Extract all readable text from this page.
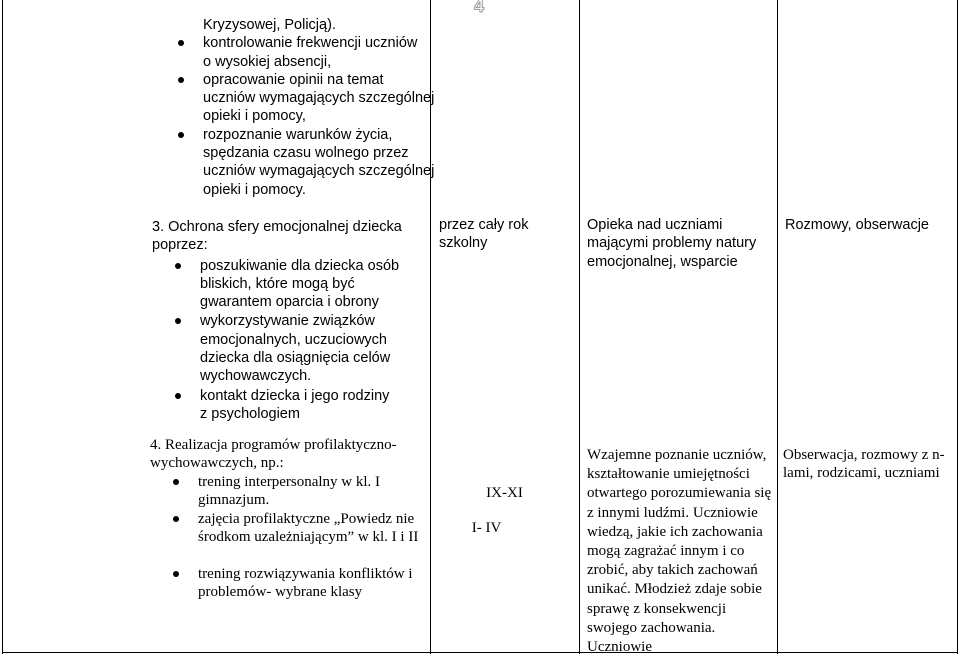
4
Kryzysowej, Policją).
kontrolowanie frekwencji uczniów o wysokiej absencji,
opracowanie opinii na temat uczniów wymagających szczególnej opieki i pomocy,
rozpoznanie warunków życia, spędzania czasu wolnego przez uczniów wymagających szczególnej opieki i pomocy.
3. Ochrona sfery emocjonalnej dziecka poprzez:
poszukiwanie dla dziecka osób bliskich, które mogą być gwarantem oparcia i obrony
wykorzystywanie związków emocjonalnych, uczuciowych dziecka dla osiągnięcia celów wychowawczych.
kontakt dziecka i jego rodziny z psychologiem
przez cały rok szkolny
Opieka nad uczniami mającymi problemy natury emocjonalnej, wsparcie
Rozmowy, obserwacje
4. Realizacja programów profilaktyczno-wychowawczych, np.:
trening interpersonalny w kl. I gimnazjum.
zajęcia profilaktyczne „Powiedz nie środkom uzależniającym” w kl. I i II
trening rozwiązywania konfliktów i problemów- wybrane klasy
IX-XI
I- IV
Wzajemne poznanie uczniów, kształtowanie umiejętności otwartego porozumiewania się z innymi ludźmi. Uczniowie wiedzą, jakie ich zachowania mogą zagrażać innym i co zrobić, aby takich zachowań unikać. Młodzież zdaje sobie sprawę z konsekwencji swojego zachowania. Uczniowie
Obserwacja, rozmowy z n-lami, rodzicami, uczniami
